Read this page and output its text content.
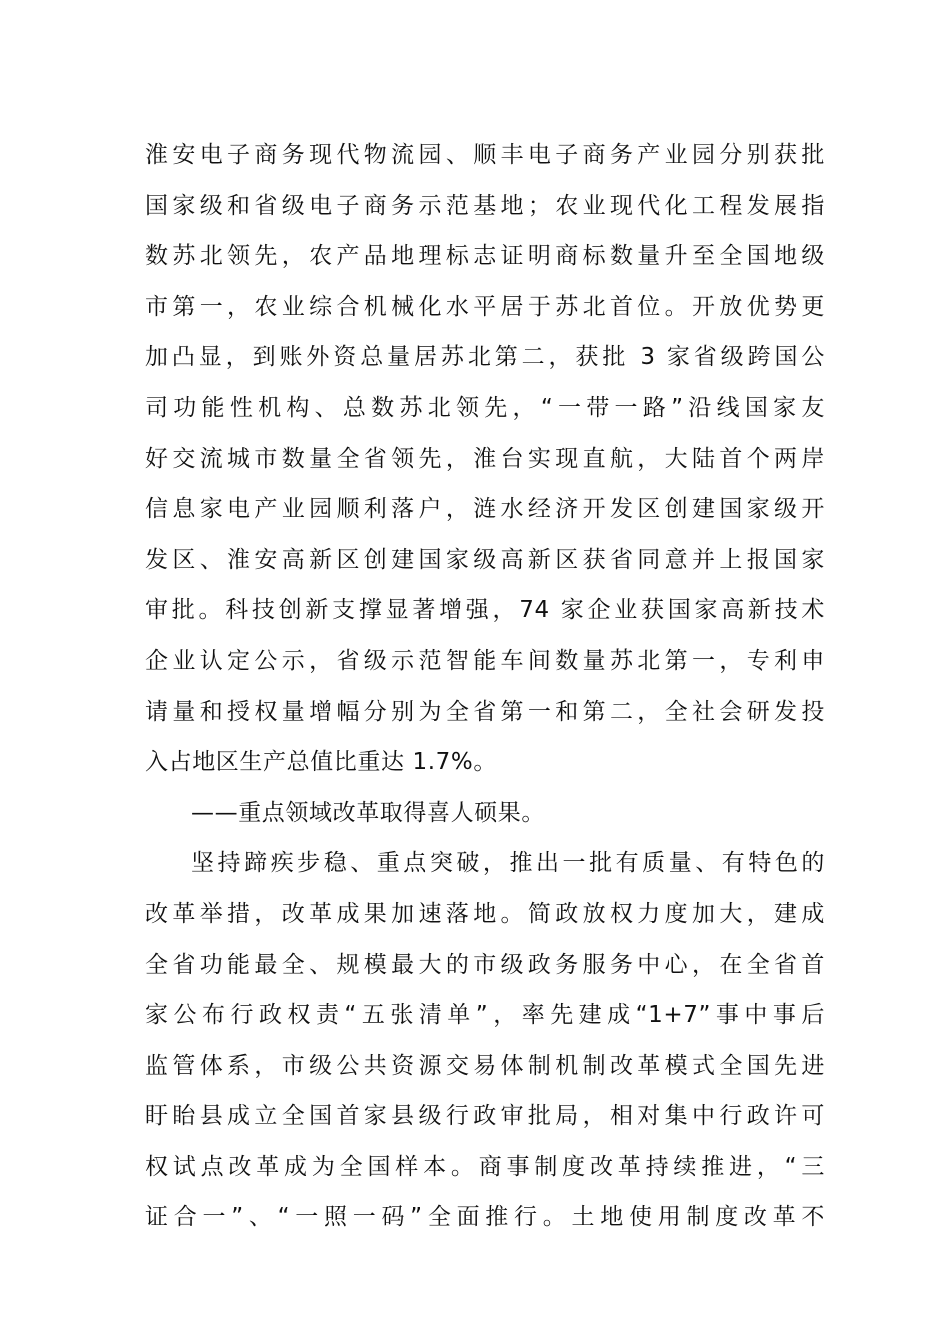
淮安电子商务现代物流园、顺丰电子商务产业园分别获批
国家级和省级电子商务示范基地；农业现代化工程发展指
数苏北领先，农产品地理标志证明商标数量升至全国地级
市第一，农业综合机械化水平居于苏北首位。开放优势更
加凸显，到账外资总量居苏北第二，获批 3 家省级跨国公
司功能性机构、总数苏北领先，“一带一路”沿线国家友
好交流城市数量全省领先，淮台实现直航，大陆首个两岸
信息家电产业园顺利落户，涟水经济开发区创建国家级开
发区、淮安高新区创建国家级高新区获省同意并上报国家
审批。科技创新支撑显著增强，74 家企业获国家高新技术
企业认定公示，省级示范智能车间数量苏北第一，专利申
请量和授权量增幅分别为全省第一和第二，全社会研发投
入占地区生产总值比重达 1.7%。
——重点领域改革取得喜人硕果。
坚持蹄疾步稳、重点突破，推出一批有质量、有特色的
改革举措，改革成果加速落地。简政放权力度加大，建成
全省功能最全、规模最大的市级政务服务中心，在全省首
家公布行政权责“五张清单”，率先建成“1+7”事中事后
监管体系，市级公共资源交易体制机制改革模式全国先进
盱眙县成立全国首家县级行政审批局，相对集中行政许可
权试点改革成为全国样本。商事制度改革持续推进，“三
证合一”、“一照一码”全面推行。土地使用制度改革不
